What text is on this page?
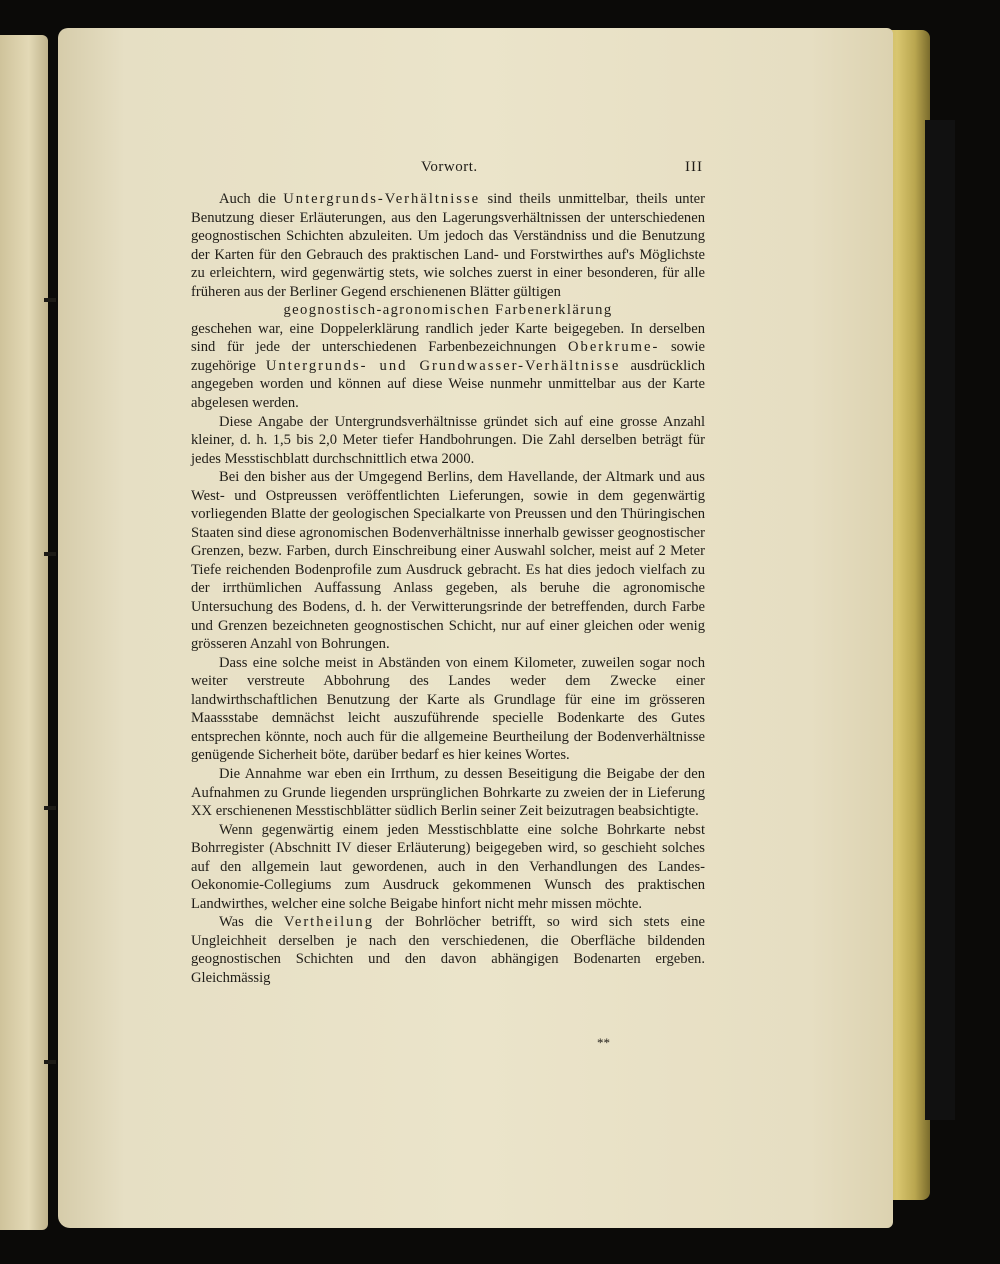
Vorwort.	III

Auch die Untergrunds-Verhältnisse sind theils unmittelbar, theils unter Benutzung dieser Erläuterungen, aus den Lagerungsverhältnissen der unterschiedenen geognostischen Schichten abzuleiten. Um jedoch das Verständniss und die Benutzung der Karten für den Gebrauch des praktischen Land- und Forstwirthes auf's Möglichste zu erleichtern, wird gegenwärtig stets, wie solches zuerst in einer besonderen, für alle früheren aus der Berliner Gegend erschienenen Blätter gültigen

geognostisch-agronomischen Farbenerklärung

geschehen war, eine Doppelerklärung randlich jeder Karte beigegeben. In derselben sind für jede der unterschiedenen Farbenbezeichnungen Oberkrume- sowie zugehörige Untergrunds- und Grundwasser-Verhältnisse ausdrücklich angegeben worden und können auf diese Weise nunmehr unmittelbar aus der Karte abgelesen werden.

Diese Angabe der Untergrundsverhältnisse gründet sich auf eine grosse Anzahl kleiner, d. h. 1,5 bis 2,0 Meter tiefer Handbohrungen. Die Zahl derselben beträgt für jedes Messtischblatt durchschnittlich etwa 2000.

Bei den bisher aus der Umgegend Berlins, dem Havellande, der Altmark und aus West- und Ostpreussen veröffentlichten Lieferungen, sowie in dem gegenwärtig vorliegenden Blatte der geologischen Specialkarte von Preussen und den Thüringischen Staaten sind diese agronomischen Bodenverhältnisse innerhalb gewisser geognostischer Grenzen, bezw. Farben, durch Einschreibung einer Auswahl solcher, meist auf 2 Meter Tiefe reichenden Bodenprofile zum Ausdruck gebracht. Es hat dies jedoch vielfach zu der irrthümlichen Auffassung Anlass gegeben, als beruhe die agronomische Untersuchung des Bodens, d. h. der Verwitterungsrinde der betreffenden, durch Farbe und Grenzen bezeichneten geognostischen Schicht, nur auf einer gleichen oder wenig grösseren Anzahl von Bohrungen.

Dass eine solche meist in Abständen von einem Kilometer, zuweilen sogar noch weiter verstreute Abbohrung des Landes weder dem Zwecke einer landwirthschaftlichen Benutzung der Karte als Grundlage für eine im grösseren Maassstabe demnächst leicht auszuführende specielle Bodenkarte des Gutes entsprechen könnte, noch auch für die allgemeine Beurtheilung der Bodenverhältnisse genügende Sicherheit böte, darüber bedarf es hier keines Wortes.

Die Annahme war eben ein Irrthum, zu dessen Beseitigung die Beigabe der den Aufnahmen zu Grunde liegenden ursprünglichen Bohrkarte zu zweien der in Lieferung XX erschienenen Messtischblätter südlich Berlin seiner Zeit beizutragen beabsichtigte.

Wenn gegenwärtig einem jeden Messtischblatte eine solche Bohrkarte nebst Bohrregister (Abschnitt IV dieser Erläuterung) beigegeben wird, so geschieht solches auf den allgemein laut gewordenen, auch in den Verhandlungen des Landes-Oekonomie-Collegiums zum Ausdruck gekommenen Wunsch des praktischen Landwirthes, welcher eine solche Beigabe hinfort nicht mehr missen möchte.

Was die Vertheilung der Bohrlöcher betrifft, so wird sich stets eine Ungleichheit derselben je nach den verschiedenen, die Oberfläche bildenden geognostischen Schichten und den davon abhängigen Bodenarten ergeben. Gleichmässig

**
